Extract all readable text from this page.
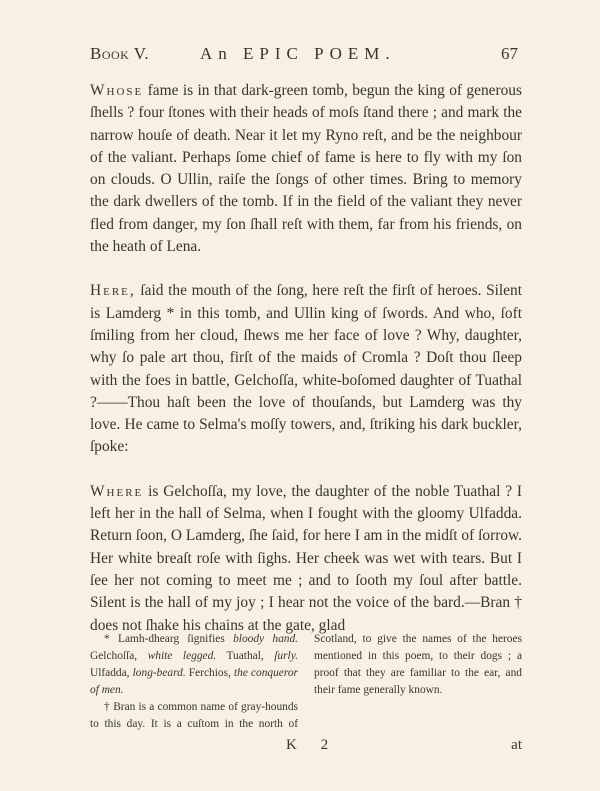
Book V.	An EPIC POEM.	67

Whose fame is in that dark-green tomb, begun the king of generous ſhells ? four ſtones with their heads of moſs ſtand there ; and mark the narrow houſe of death. Near it let my Ryno reſt, and be the neighbour of the valiant. Perhaps ſome chief of fame is here to fly with my ſon on clouds. O Ullin, raiſe the ſongs of other times. Bring to memory the dark dwellers of the tomb. If in the field of the valiant they never fled from danger, my ſon ſhall reſt with them, far from his friends, on the heath of Lena.

Here, ſaid the mouth of the ſong, here reſt the firſt of heroes. Silent is Lamderg * in this tomb, and Ullin king of ſwords. And who, ſoft ſmiling from her cloud, ſhews me her face of love ? Why, daughter, why ſo pale art thou, firſt of the maids of Cromla ? Doſt thou ſleep with the foes in battle, Gelchoſſa, white-boſomed daughter of Tuathal ?——Thou haſt been the love of thouſands, but Lamderg was thy love. He came to Selma's moſſy towers, and, ſtriking his dark buckler, ſpoke:

Where is Gelchoſſa, my love, the daughter of the noble Tuathal ? I left her in the hall of Selma, when I fought with the gloomy Ulfadda. Return ſoon, O Lamderg, ſhe ſaid, for here I am in the midſt of ſorrow. Her white breaſt roſe with ſighs. Her cheek was wet with tears. But I ſee her not coming to meet me ; and to ſooth my ſoul after battle. Silent is the hall of my joy ; I hear not the voice of the bard.—Bran † does not ſhake his chains at the gate, glad

* Lamh-dhearg ſignifies bloody hand. Gelchoſſa, white legged. Tuathal, ſurly. Ulfadda, long-beard. Ferchios, the conqueror of men.

† Bran is a common name of gray-hounds to this day. It is a cuſtom in the north of Scotland, to give the names of the heroes mentioned in this poem, to their dogs ; a proof that they are familiar to the ear, and their fame generally known.

K 2	at
